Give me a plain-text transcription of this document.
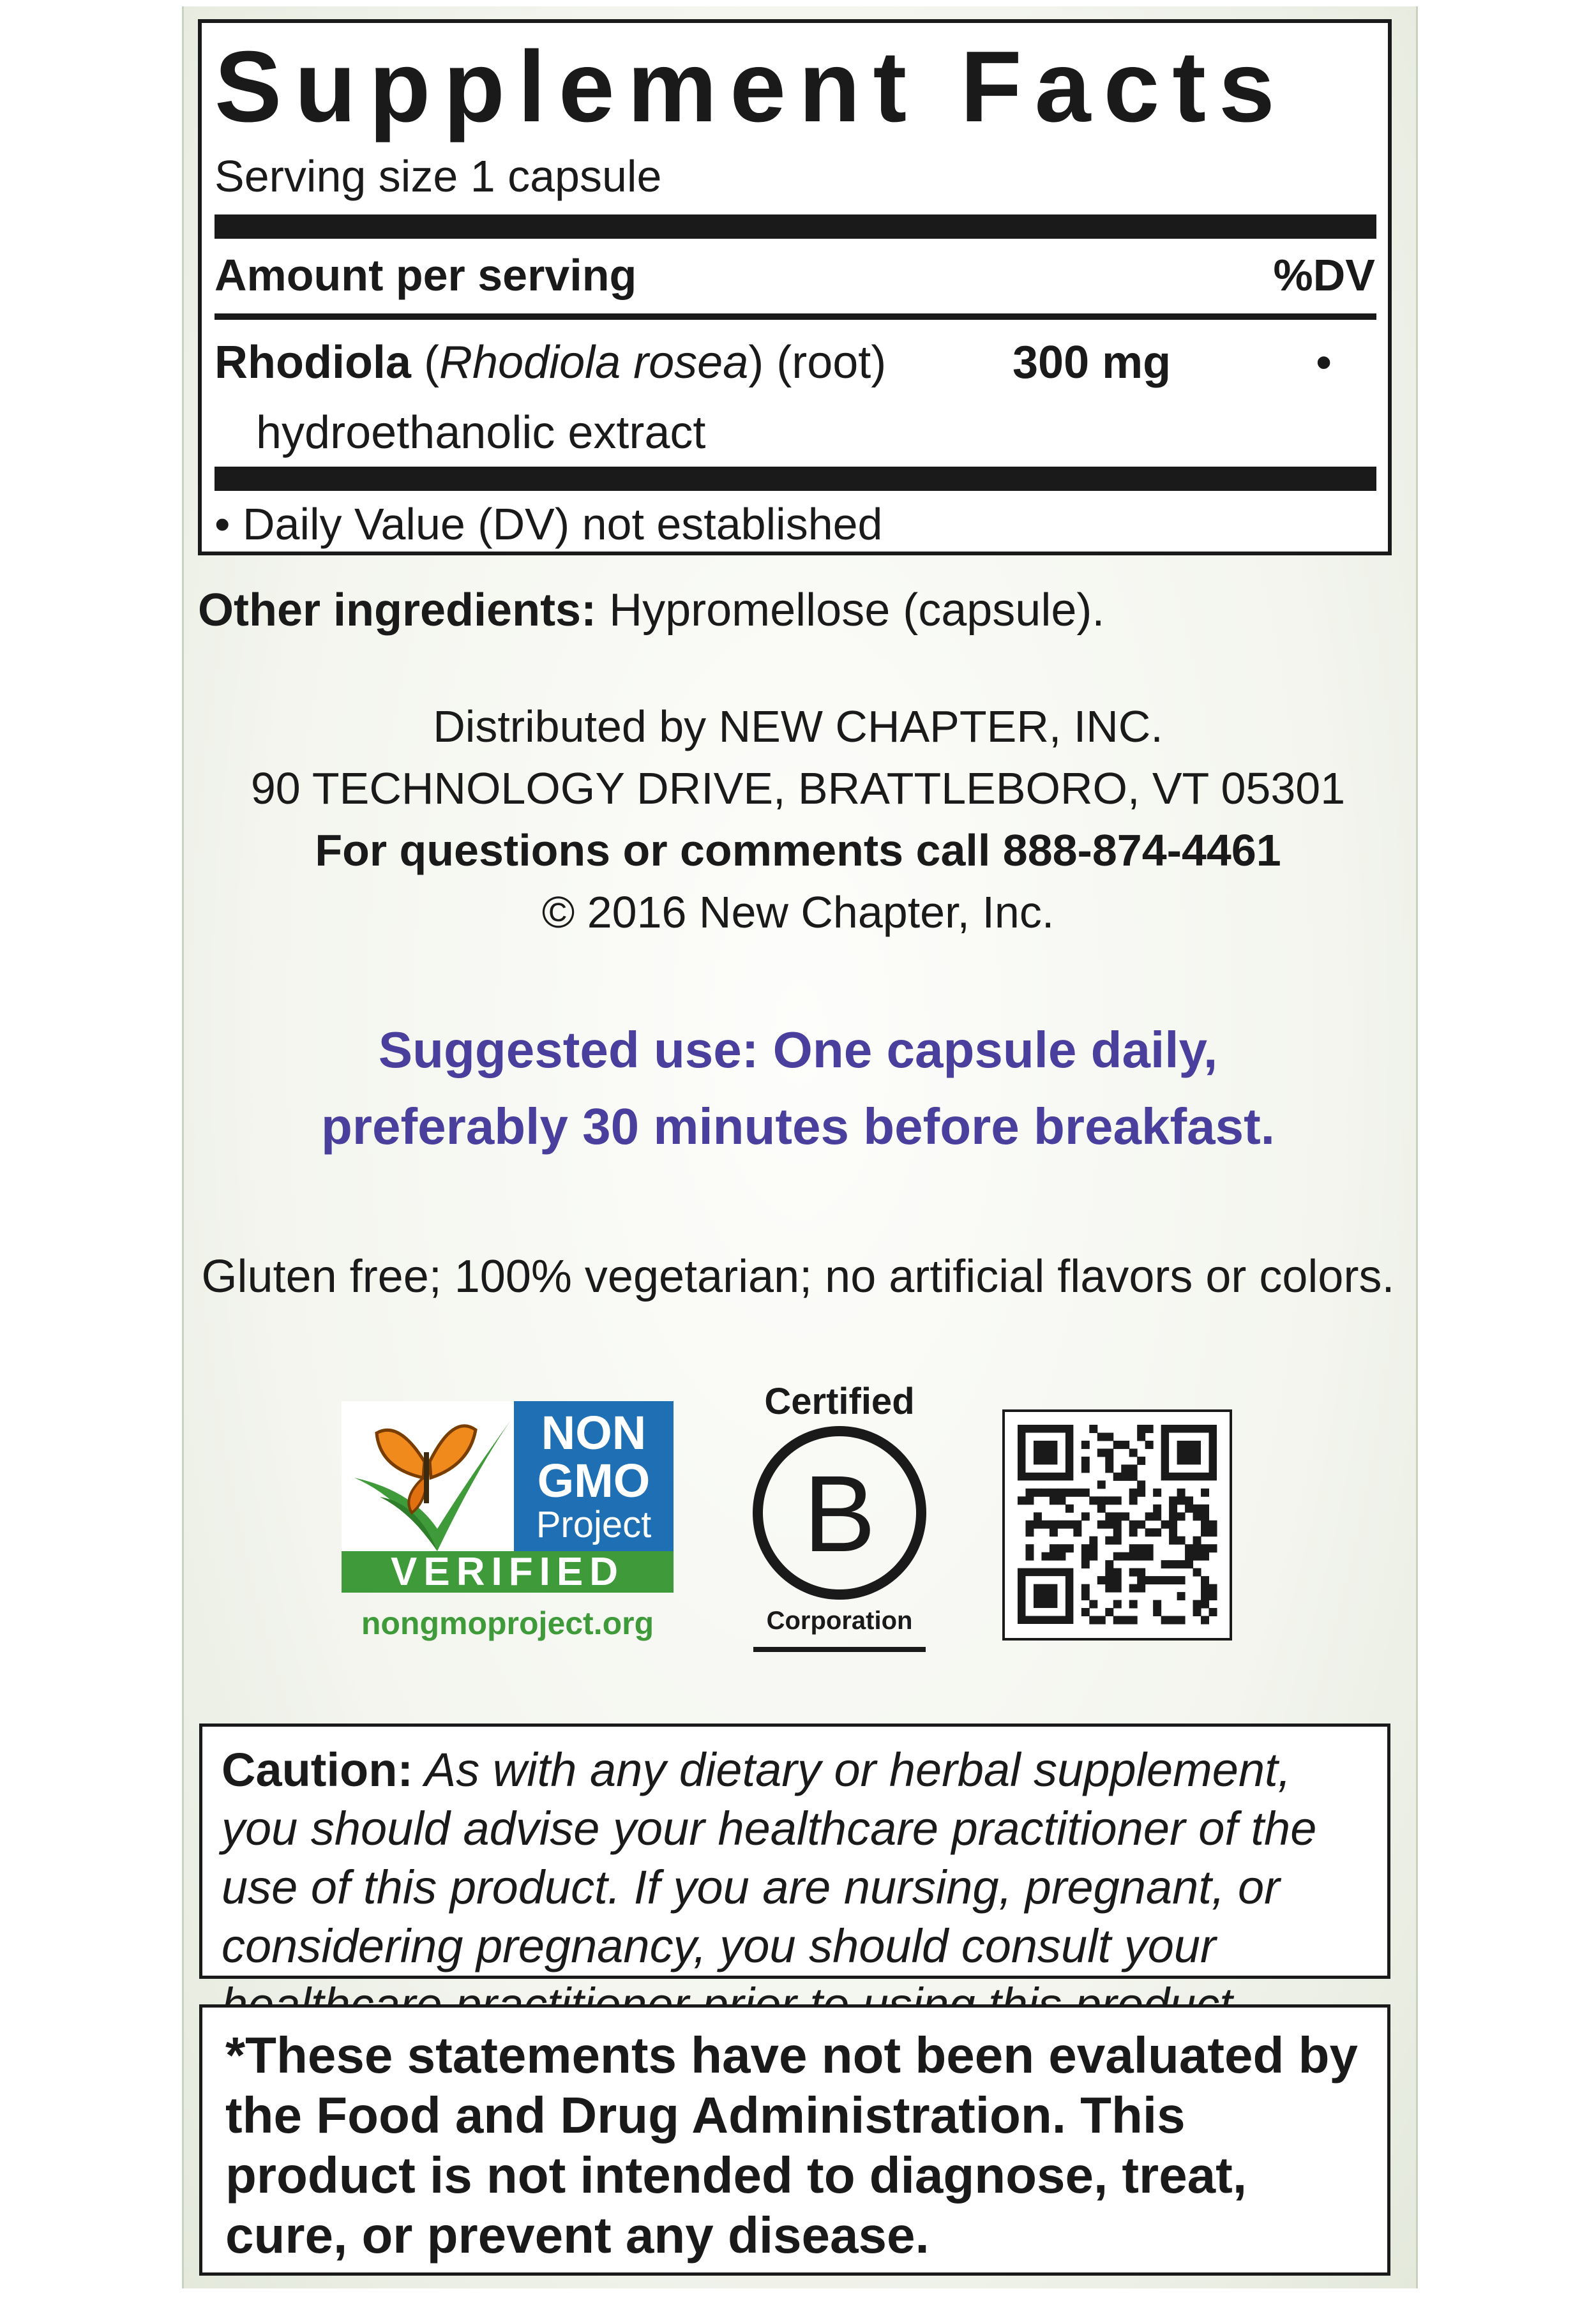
Supplement Facts
Serving size 1 capsule
Amount per serving	%DV
Rhodiola (Rhodiola rosea) (root)
hydroethanolic extract
300 mg	•
• Daily Value (DV) not established
Other ingredients: Hypromellose (capsule).
Distributed by NEW CHAPTER, INC.
90 TECHNOLOGY DRIVE, BRATTLEBORO, VT 05301
For questions or comments call 888-874-4461
© 2016 New Chapter, Inc.
Suggested use: One capsule daily,
preferably 30 minutes before breakfast.
Gluten free; 100% vegetarian; no artificial flavors or colors.
NON
GMO
Project
VERIFIED
nongmoproject.org
Certified
B
Corporation
Caution: As with any dietary or herbal supplement, you should advise your healthcare practitioner of the use of this product. If you are nursing, pregnant, or considering pregnancy, you should consult your
*These statements have not been evaluated by the Food and Drug Administration. This product is not intended to diagnose, treat, cure, or prevent any disease.
